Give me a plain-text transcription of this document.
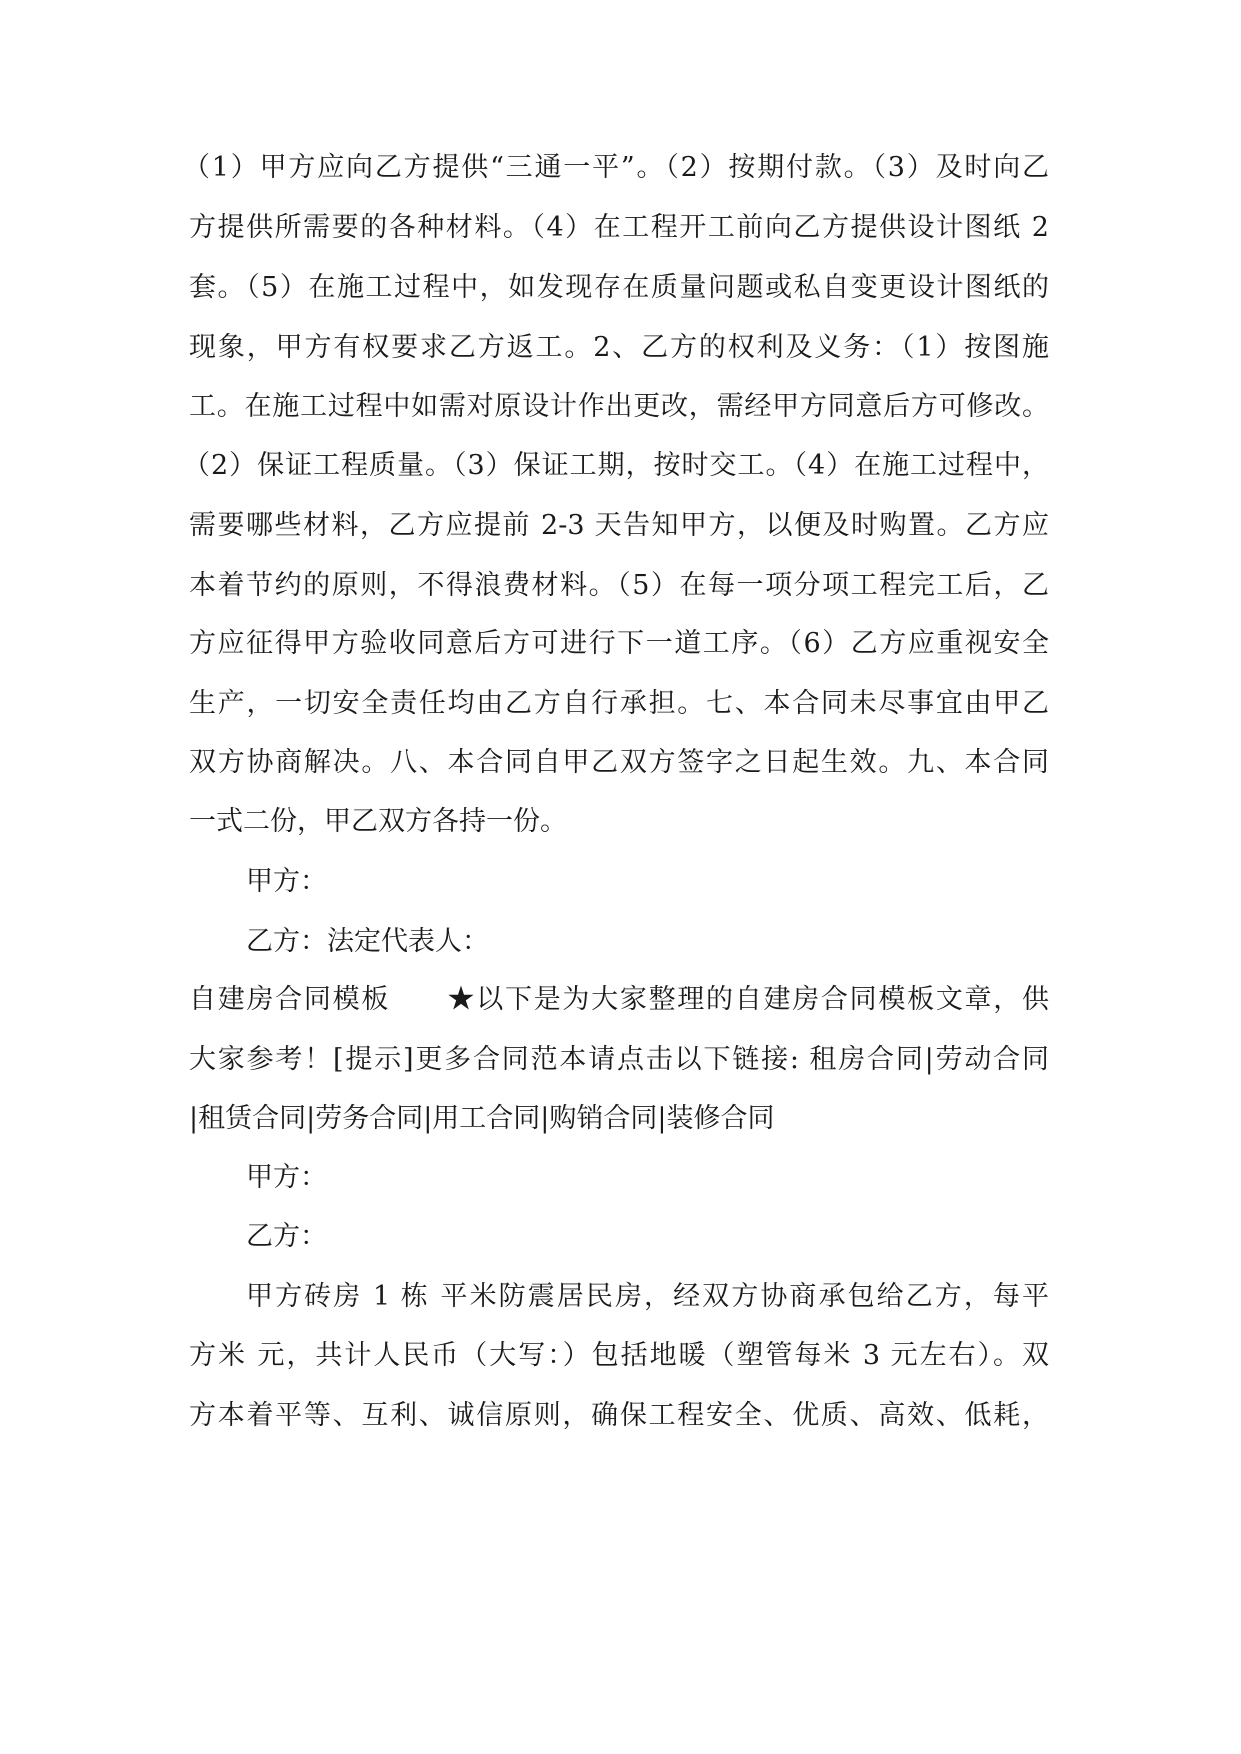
（1）甲方应向乙方提供“三通一平”。（2）按期付款。（3）及时向乙
方提供所需要的各种材料。（4）在工程开工前向乙方提供设计图纸 2
套。（5）在施工过程中，如发现存在质量问题或私自变更设计图纸的
现象，甲方有权要求乙方返工。2、乙方的权利及义务：（1）按图施
工。在施工过程中如需对原设计作出更改，需经甲方同意后方可修改。
（2）保证工程质量。（3）保证工期，按时交工。（4）在施工过程中，
需要哪些材料，乙方应提前 2-3 天告知甲方，以便及时购置。乙方应
本着节约的原则，不得浪费材料。（5）在每一项分项工程完工后，乙
方应征得甲方验收同意后方可进行下一道工序。（6）乙方应重视安全
生产，一切安全责任均由乙方自行承担。七、本合同未尽事宜由甲乙
双方协商解决。八、本合同自甲乙双方签字之日起生效。九、本合同
一式二份，甲乙双方各持一份。
甲方：
乙方：法定代表人：
自建房合同模板　　★以下是为大家整理的自建房合同模板文章，供
大家参考！[提示]更多合同范本请点击以下链接: 租房合同|劳动合同
|租赁合同|劳务合同|用工合同|购销合同|装修合同
甲方：
乙方：
甲方砖房 1 栋 平米防震居民房，经双方协商承包给乙方，每平
方米 元，共计人民币（大写：）包括地暖（塑管每米 3 元左右）。双
方本着平等、互利、诚信原则，确保工程安全、优质、高效、低耗，
